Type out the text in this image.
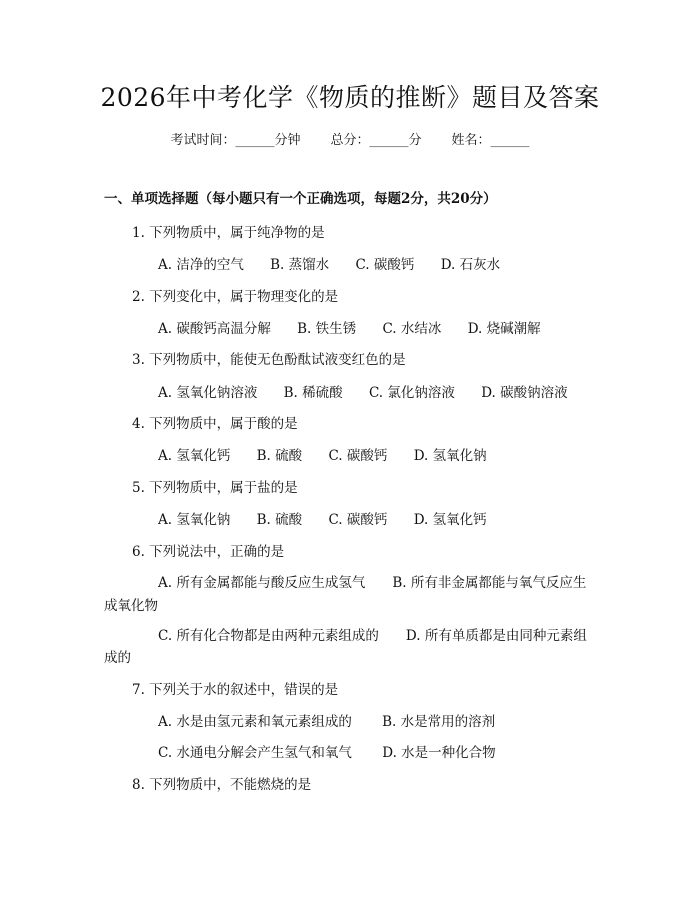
2026年中考化学《物质的推断》题目及答案
考试时间：______分钟 总分：______分 姓名：______
一、单项选择题（每小题只有一个正确选项，每题2分，共20分）
1. 下列物质中，属于纯净物的是
A. 洁净的空气 B. 蒸馏水 C. 碳酸钙 D. 石灰水
2. 下列变化中，属于物理变化的是
A. 碳酸钙高温分解 B. 铁生锈 C. 水结冰 D. 烧碱潮解
3. 下列物质中，能使无色酚酞试液变红色的是
A. 氢氧化钠溶液 B. 稀硫酸 C. 氯化钠溶液 D. 碳酸钠溶液
4. 下列物质中，属于酸的是
A. 氢氧化钙 B. 硫酸 C. 碳酸钙 D. 氢氧化钠
5. 下列物质中，属于盐的是
A. 氢氧化钠 B. 硫酸 C. 碳酸钙 D. 氢氧化钙
6. 下列说法中，正确的是
A. 所有金属都能与酸反应生成氢气　　B. 所有非金属都能与氧气反应生
成氧化物
C. 所有化合物都是由两种元素组成的　　D. 所有单质都是由同种元素组
成的
7. 下列关于水的叙述中，错误的是
A. 水是由氢元素和氧元素组成的 B. 水是常用的溶剂
C. 水通电分解会产生氢气和氧气 D. 水是一种化合物
8. 下列物质中，不能燃烧的是
